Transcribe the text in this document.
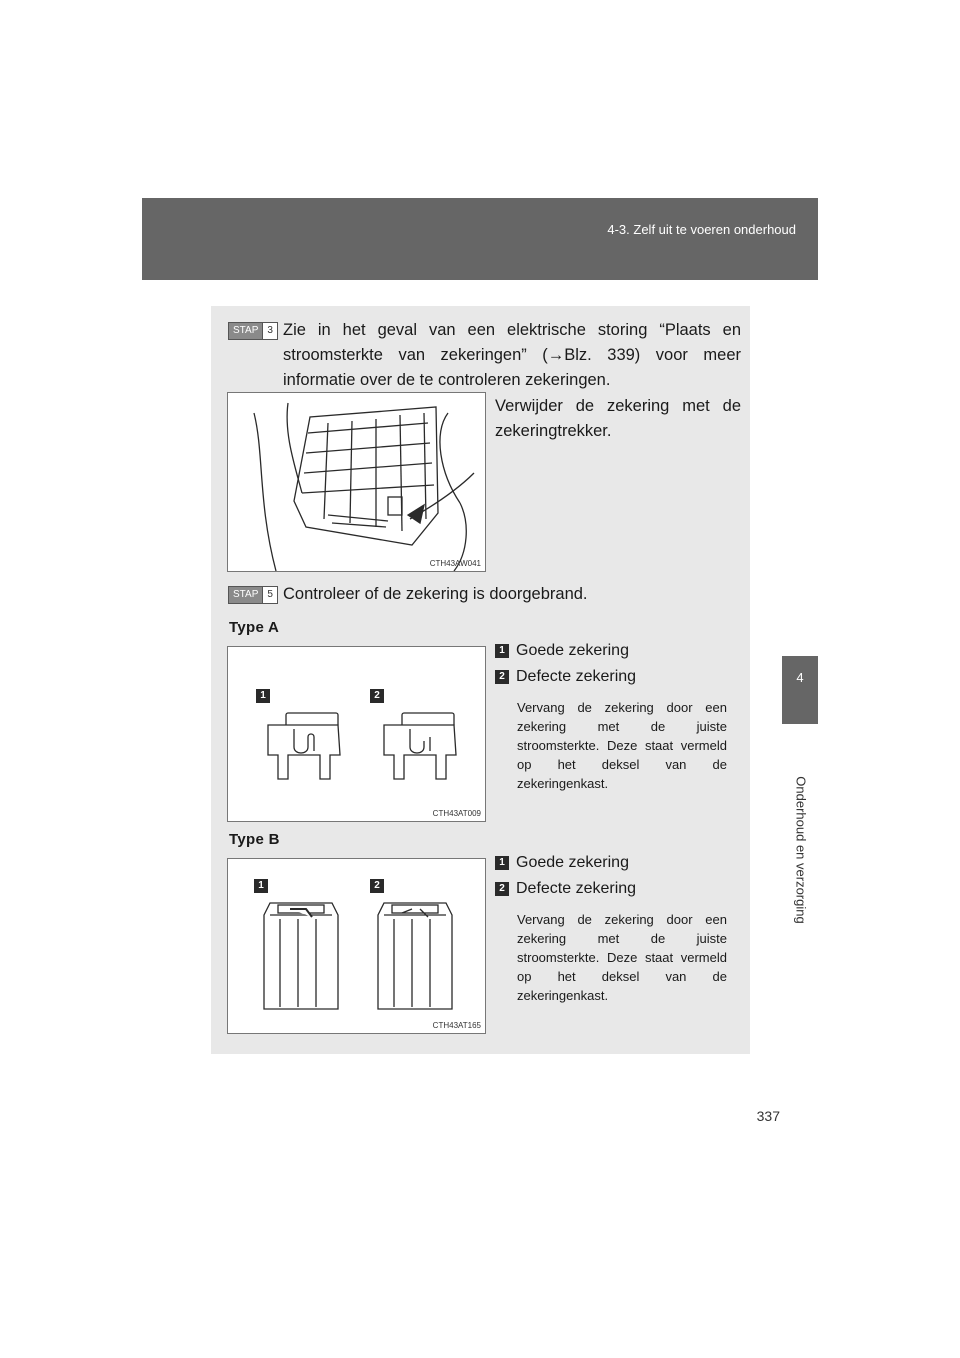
4-3. Zelf uit te voeren onderhoud
4
Onderhoud en verzorging
337
STAP 3 Zie in het geval van een elektrische storing “Plaats en stroomsterkte van zekeringen” (→Blz. 339) voor meer informatie over de te controleren zekeringen.
CTH43AW041
Verwijder de zekering met de zekeringtrekker.
STAP 5 Controleer of de zekering is doorgebrand.
Type A
1	2
CTH43AT009
1 Goede zekering
2 Defecte zekering
Vervang de zekering door een zekering met de juiste stroomsterkte. Deze staat vermeld op het deksel van de zekeringenkast.
Type B
1	2
CTH43AT165
1 Goede zekering
2 Defecte zekering
Vervang de zekering door een zekering met de juiste stroomsterkte. Deze staat vermeld op het deksel van de zekeringenkast.
